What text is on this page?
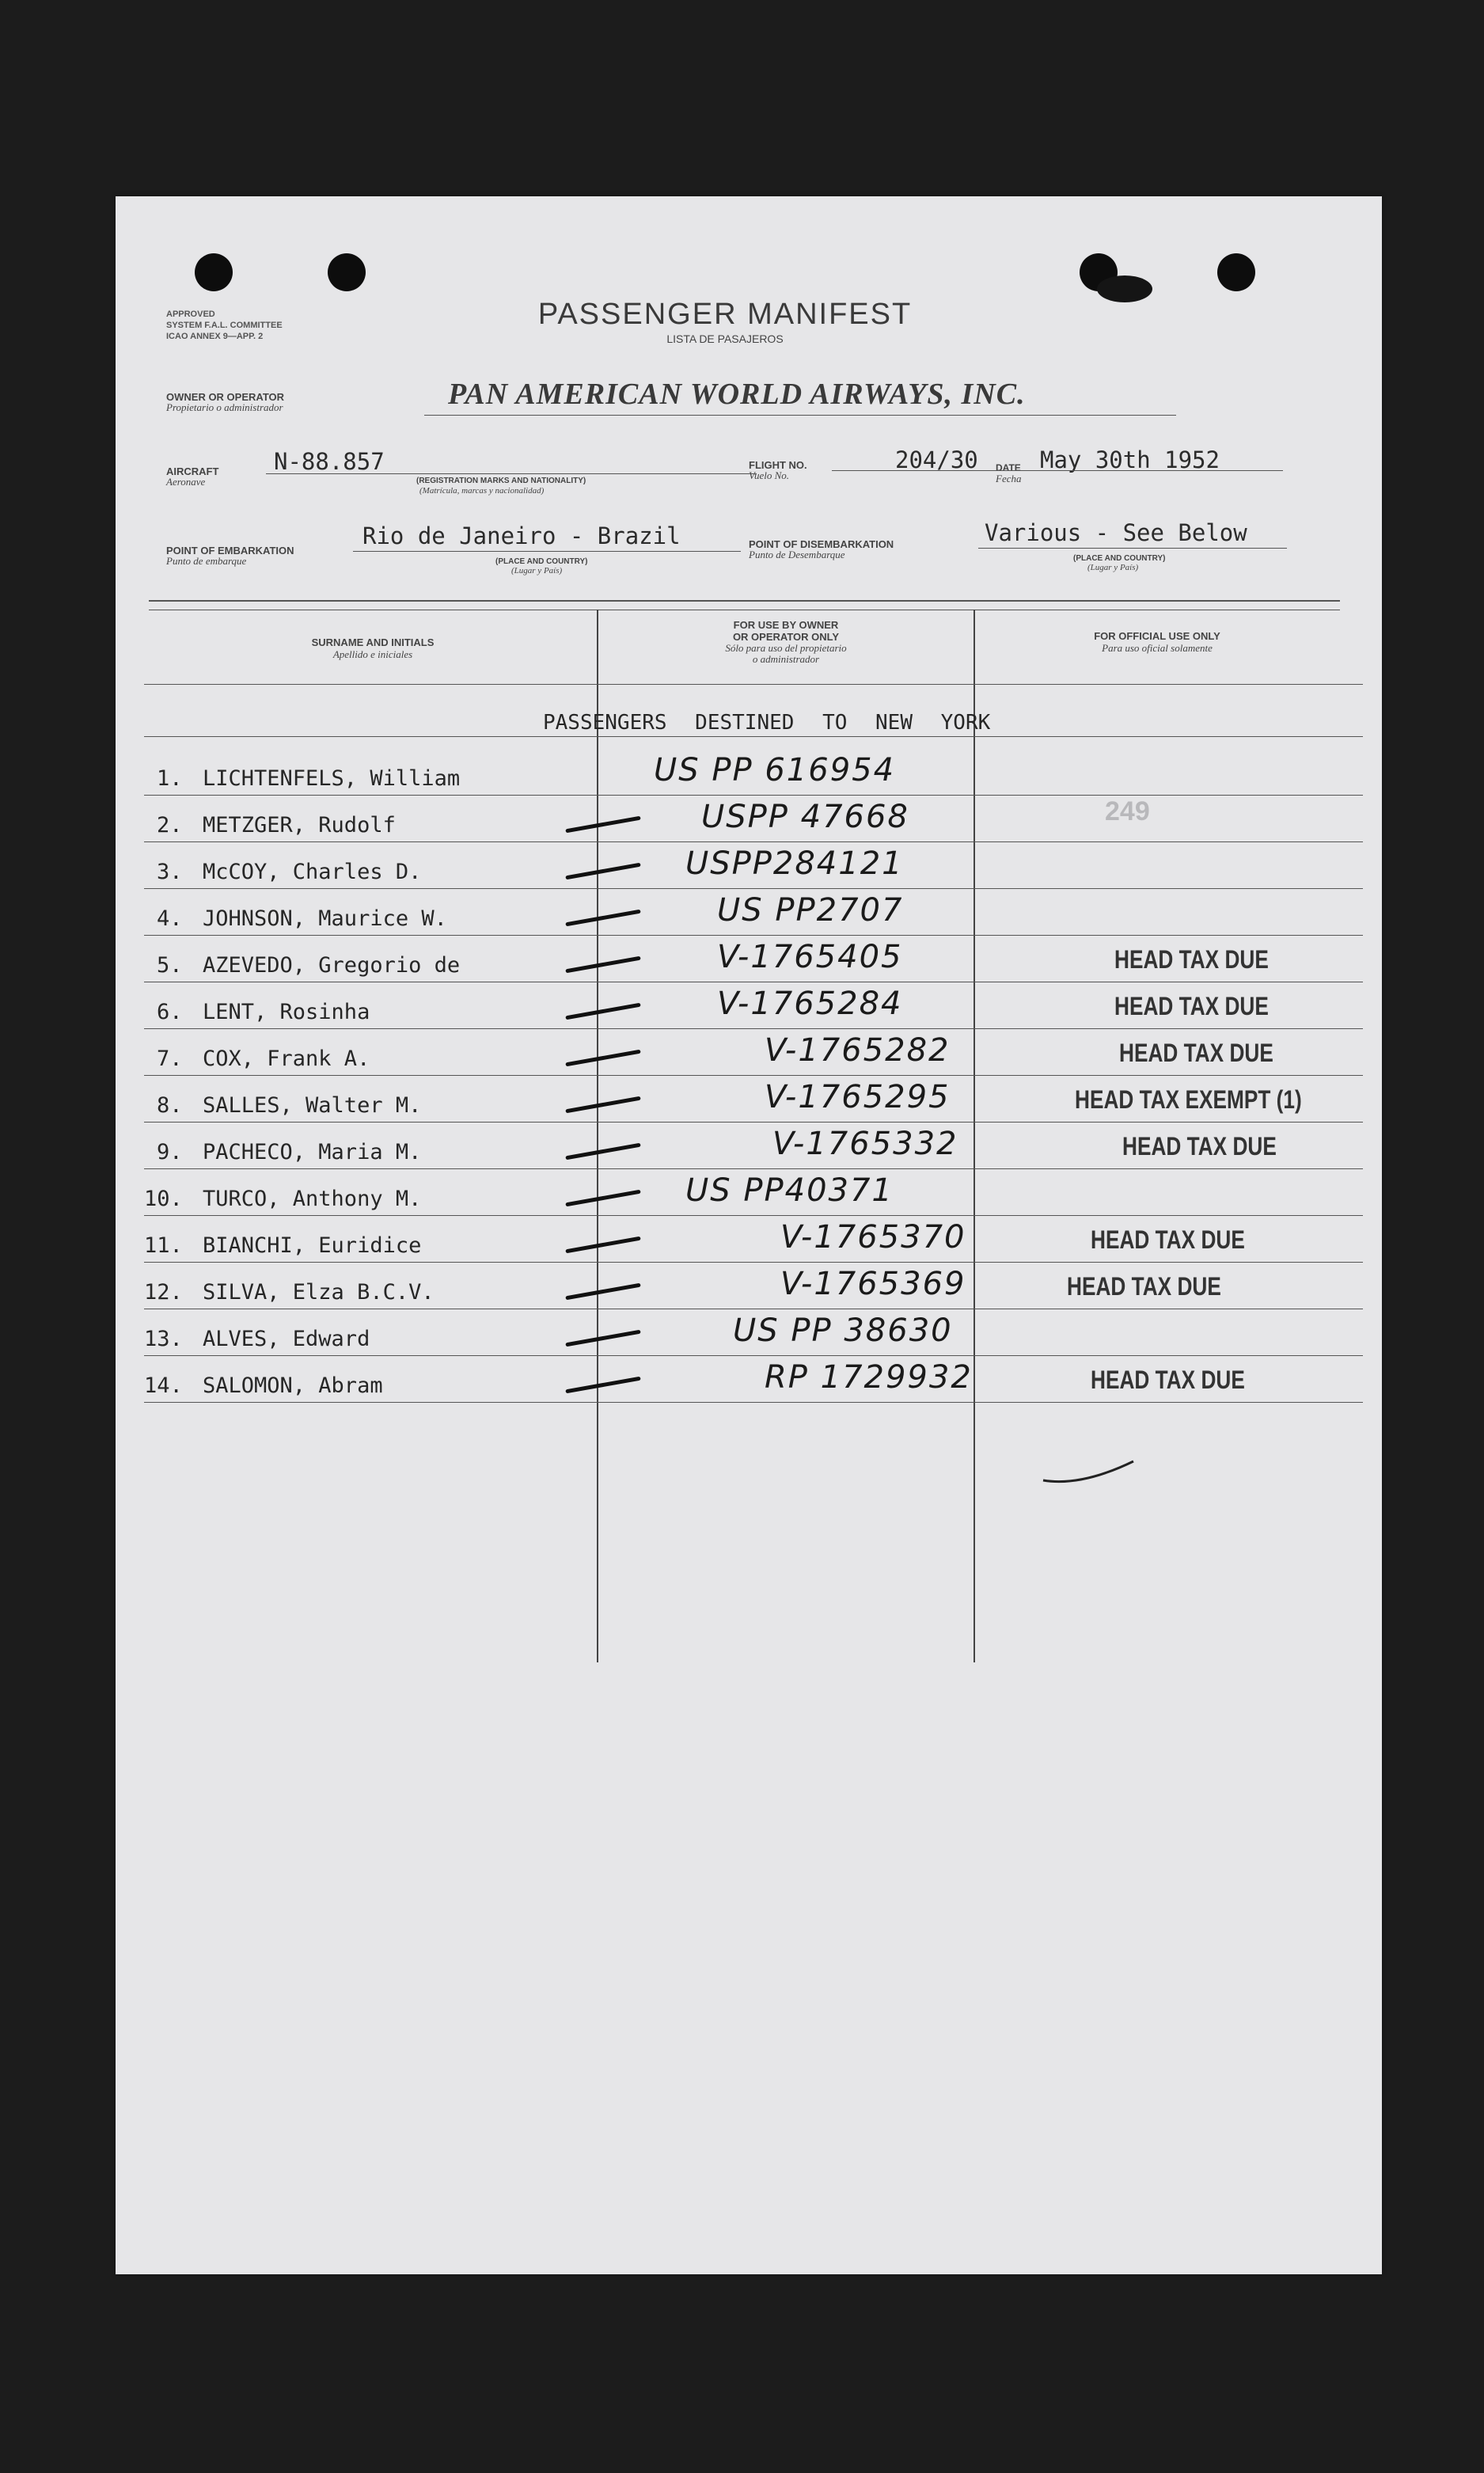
APPROVED
SYSTEM F.A.L. COMMITTEE
ICAO ANNEX 9—APP. 2
PASSENGER MANIFEST
LISTA DE PASAJEROS
OWNER OR OPERATOR
Propietario o administrador	PAN AMERICAN WORLD AIRWAYS, INC.
AIRCRAFT
Aeronave
N-88.857
(REGISTRATION MARKS AND NATIONALITY)
(Matrícula, marcas y nacionalidad)
FLIGHT NO.
Vuelo No.
204/30 DATE
Fecha
May 30th 1952
POINT OF EMBARKATION
Punto de embarque
Rio de Janeiro - Brazil
(PLACE AND COUNTRY)
(Lugar y País)
POINT OF DISEMBARKATION
Punto de Desembarque
Various - See Below
(PLACE AND COUNTRY)
(Lugar y País)
SURNAME AND INITIALS
Apellido e iniciales
FOR USE BY OWNER
OR OPERATOR ONLY
Sólo para uso del propietario
o administrador
FOR OFFICIAL USE ONLY
Para uso oficial solamente
PASSENGERS DESTINED TO NEW YORK
249
1. LICHTENFELS, William	US PP 616954
2. METZGER, Rudolf	USPP 47668
3. McCOY, Charles D.	USPP284121
4. JOHNSON, Maurice W.	US PP2707
5. AZEVEDO, Gregorio de	V-1765405	HEAD TAX DUE
6. LENT, Rosinha	V-1765284	HEAD TAX DUE
7. COX, Frank A.	V-1765282	HEAD TAX DUE
8. SALLES, Walter M.	V-1765295	HEAD TAX EXEMPT (1)
9. PACHECO, Maria M.	V-1765332	HEAD TAX DUE
10. TURCO, Anthony M.	US PP40371
11. BIANCHI, Euridice	V-1765370	HEAD TAX DUE
12. SILVA, Elza B.C.V.	V-1765369	HEAD TAX DUE
13. ALVES, Edward	US PP 38630
14. SALOMON, Abram	RP 1729932	HEAD TAX DUE
